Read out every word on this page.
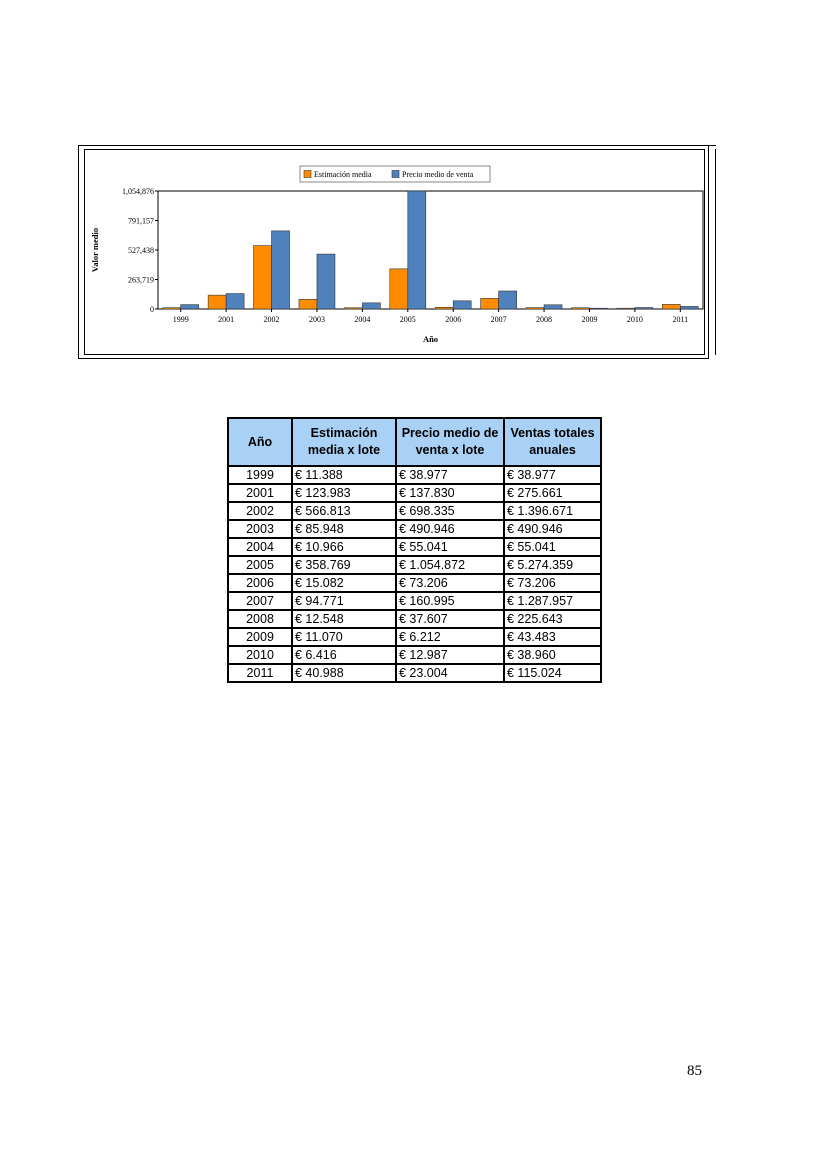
0
263,719
527,438
791,157
1,054,876
1999	2001	2002	2003	2004	2005	2006	2007	2008	2009	2010	2011
Año
Valor medio
Estimación media	Precio medio de venta
Año	Estimación media x lote	Precio medio de venta x lote	Ventas totales anuales
1999	€ 11.388	€ 38.977	€ 38.977
2001	€ 123.983	€ 137.830	€ 275.661
2002	€ 566.813	€ 698.335	€ 1.396.671
2003	€ 85.948	€ 490.946	€ 490.946
2004	€ 10.966	€ 55.041	€ 55.041
2005	€ 358.769	€ 1.054.872	€ 5.274.359
2006	€ 15.082	€ 73.206	€ 73.206
2007	€ 94.771	€ 160.995	€ 1.287.957
2008	€ 12.548	€ 37.607	€ 225.643
2009	€ 11.070	€ 6.212	€ 43.483
2010	€ 6.416	€ 12.987	€ 38.960
2011	€ 40.988	€ 23.004	€ 115.024
85
